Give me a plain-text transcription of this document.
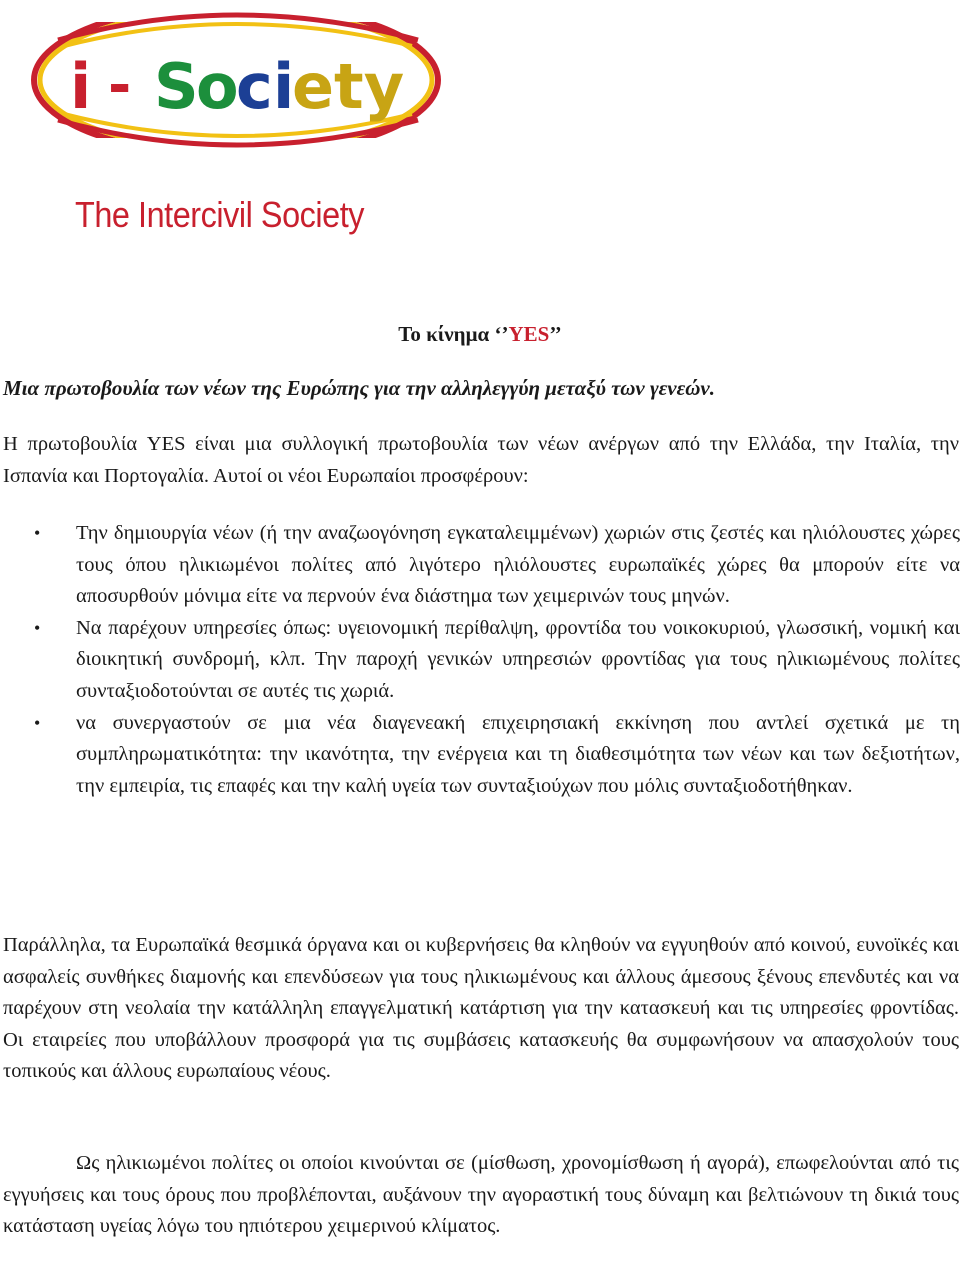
i - S
o
c i
ety
The Intercivil Society
Το κίνημα ‘’YES’’
Μια πρωτοβουλία των νέων της Ευρώπης για την αλληλεγγύη μεταξύ των γενεών.
Η πρωτοβουλία YES είναι μια συλλογική πρωτοβουλία των νέων ανέργων από την Ελλάδα, την Ιταλία, την Ισπανία και Πορτογαλία. Αυτοί οι νέοι Ευρωπαίοι προσφέρουν:
• Την δημιουργία νέων (ή την αναζωογόνηση εγκαταλειμμένων) χωριών στις ζεστές και ηλιόλουστες χώρες τους όπου ηλικιωμένοι πολίτες από λιγότερο ηλιόλουστες ευρωπαϊκές χώρες θα μπορούν είτε να αποσυρθούν μόνιμα είτε να περνούν ένα διάστημα των χειμερινών τους μηνών.
• Να παρέχουν υπηρεσίες όπως: υγειονομική περίθαλψη, φροντίδα του νοικοκυριού, γλωσσική, νομική και διοικητική συνδρομή, κλπ. Την παροχή γενικών υπηρεσιών φροντίδας για τους ηλικιωμένους πολίτες συνταξιοδοτούνται σε αυτές τις χωριά.
• να συνεργαστούν σε μια νέα διαγενεακή επιχειρησιακή εκκίνηση που αντλεί σχετικά με τη συμπληρωματικότητα: την ικανότητα, την ενέργεια και τη διαθεσιμότητα των νέων και των δεξιοτήτων, την εμπειρία, τις επαφές και την καλή υγεία των συνταξιούχων που μόλις συνταξιοδοτήθηκαν.
Παράλληλα, τα Ευρωπαϊκά θεσμικά όργανα και οι κυβερνήσεις θα κληθούν να εγγυηθούν από κοινού, ευνοϊκές και ασφαλείς συνθήκες διαμονής και επενδύσεων για τους ηλικιωμένους και άλλους άμεσους ξένους επενδυτές και να παρέχουν στη νεολαία την κατάλληλη επαγγελματική κατάρτιση για την κατασκευή και τις υπηρεσίες φροντίδας. Οι εταιρείες που υποβάλλουν προσφορά για τις συμβάσεις κατασκευής θα συμφωνήσουν να απασχολούν τους τοπικούς και άλλους ευρωπαίους νέους.
Ως ηλικιωμένοι πολίτες οι οποίοι κινούνται σε (μίσθωση, χρονομίσθωση ή αγορά), επωφελούνται από τις εγγυήσεις και τους όρους που προβλέπονται, αυξάνουν την αγοραστική τους δύναμη και βελτιώνουν τη δικιά τους κατάσταση υγείας λόγω του ηπιότερου χειμερινού κλίματος.
